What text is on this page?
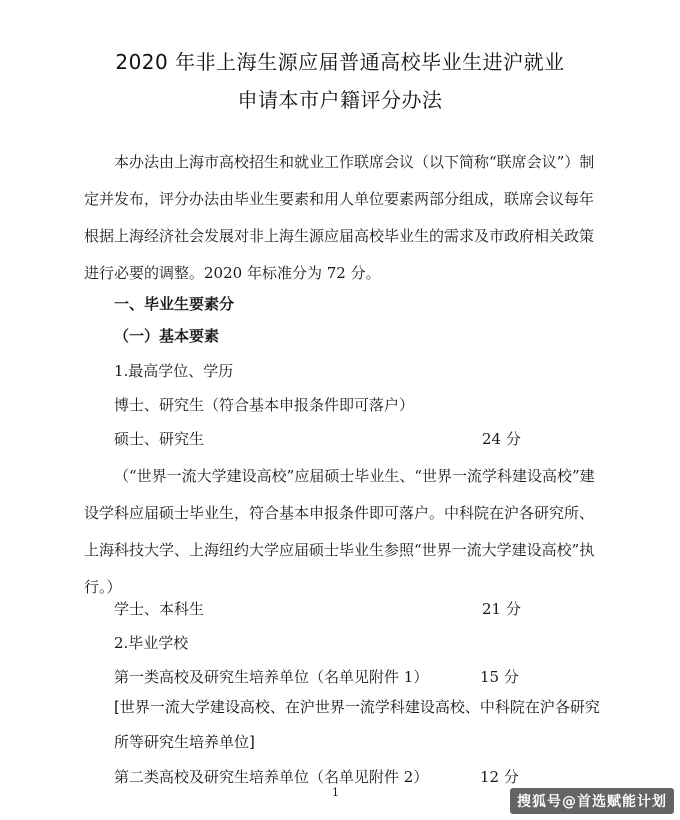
2020 年非上海生源应届普通高校毕业生进沪就业
申请本市户籍评分办法
本办法由上海市高校招生和就业工作联席会议（以下简称“联席会议”）制定并发布，评分办法由毕业生要素和用人单位要素两部分组成，联席会议每年根据上海经济社会发展对非上海生源应届高校毕业生的需求及市政府相关政策进行必要的调整。2020 年标准分为 72 分。
一、毕业生要素分
（一）基本要素
1.最高学位、学历
博士、研究生（符合基本申报条件即可落户）
硕士、研究生	24 分
（“世界一流大学建设高校”应届硕士毕业生、“世界一流学科建设高校”建设学科应届硕士毕业生，符合基本申报条件即可落户。中科院在沪各研究所、上海科技大学、上海纽约大学应届硕士毕业生参照“世界一流大学建设高校”执行。）
学士、本科生	21 分
2.毕业学校
第一类高校及研究生培养单位（名单见附件 1）	15 分
[世界一流大学建设高校、在沪世界一流学科建设高校、中科院在沪各研究所等研究生培养单位]
第二类高校及研究生培养单位（名单见附件 2）	12 分
1
搜狐号@首选赋能计划
